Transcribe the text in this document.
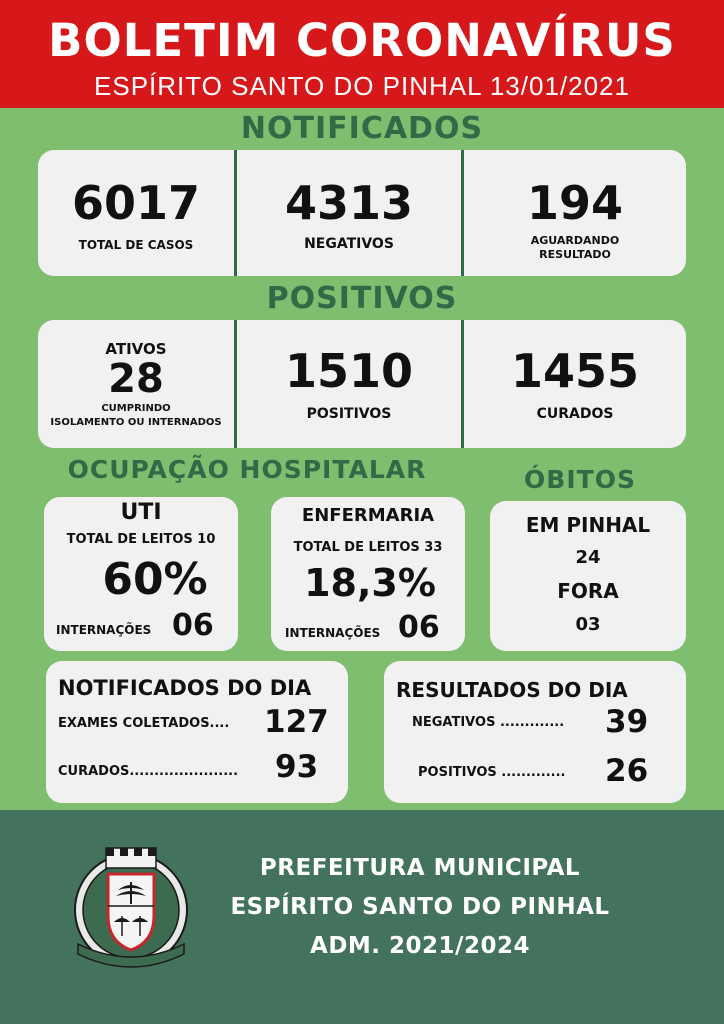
BOLETIM CORONAVÍRUS
ESPÍRITO SANTO DO PINHAL 13/01/2021
NOTIFICADOS
6017
TOTAL DE CASOS
4313
NEGATIVOS
194
AGUARDANDO
RESULTADO
POSITIVOS
ATIVOS
28
CUMPRINDO
ISOLAMENTO OU INTERNADOS
1510
POSITIVOS
1455
CURADOS
OCUPAÇÃO HOSPITALAR	ÓBITOS
UTI
TOTAL DE LEITOS 10
60%
INTERNAÇÕES 06
ENFERMARIA
TOTAL DE LEITOS 33
18,3%
INTERNAÇÕES 06
EM PINHAL
24
FORA
03
NOTIFICADOS DO DIA
EXAMES COLETADOS.... 127
CURADOS...................... 93
RESULTADOS DO DIA
NEGATIVOS ............. 39
POSITIVOS ............. 26
PREFEITURA MUNICIPAL
ESPÍRITO SANTO DO PINHAL
ADM. 2021/2024
